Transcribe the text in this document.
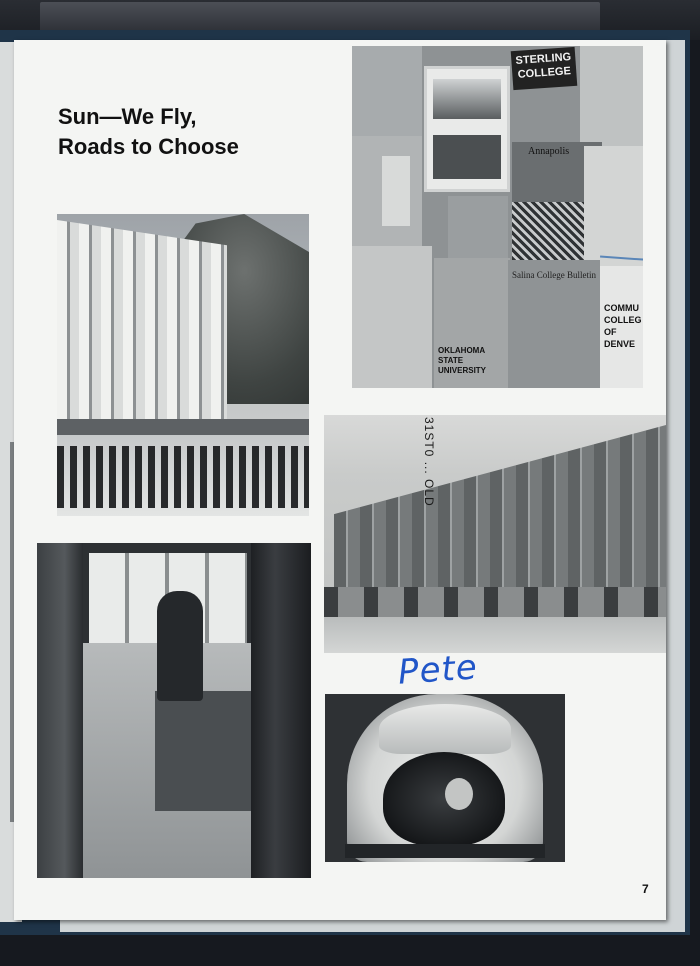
Sun—We Fly,
Roads to Choose
STERLING COLLEGE
Annapolis
OKLAHOMA STATE UNIVERSITY
Salina College Bulletin
COMMU COLLEG OF DENVE
31ST0 ... OLD
Pete
7
